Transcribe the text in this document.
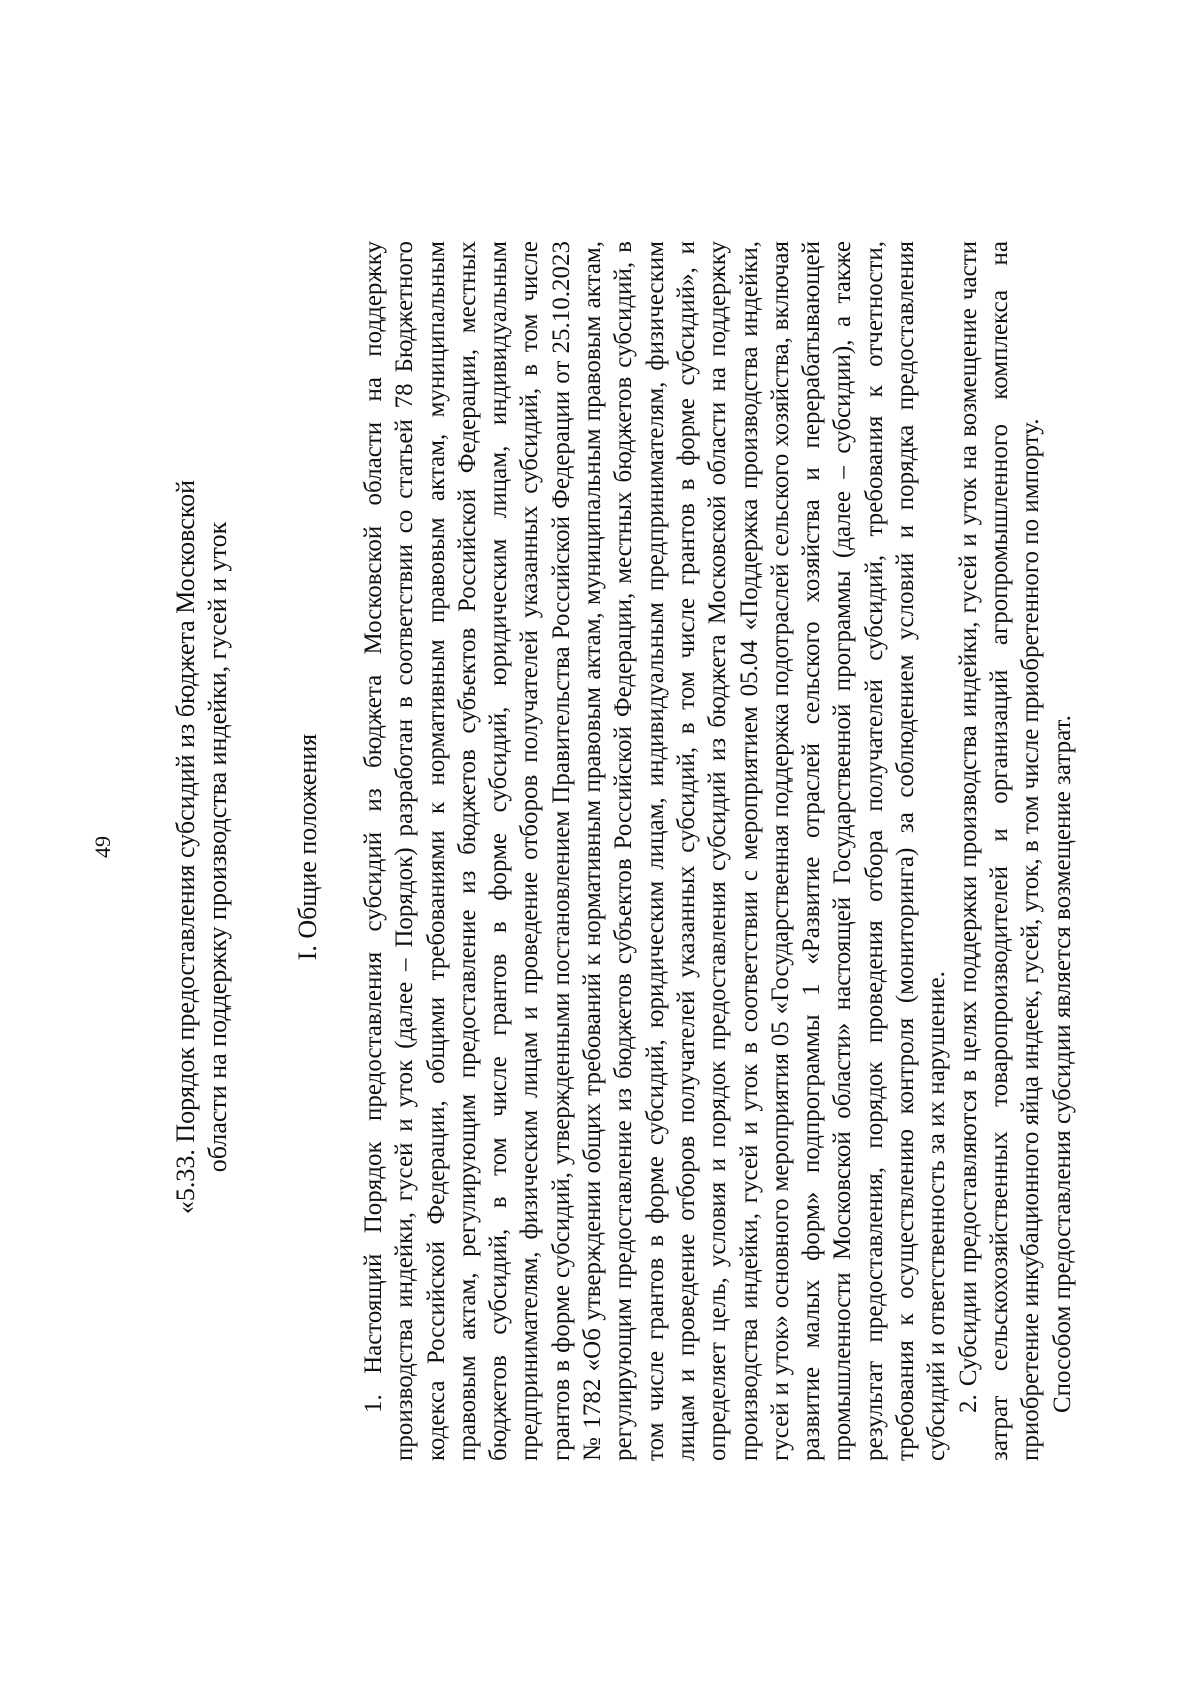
49 «5.33. Порядок предоставления субсидий из бюджета Московской области на поддержку производства индейки, гусей и уток I. Общие положения 1. Настоящий Порядок предоставления субсидий из бюджета Московской области на поддержку производства индейки, гусей и уток (далее – Порядок) разработан в соответствии со статьей 78 Бюджетного кодекса Российской Федерации, общими требованиями к нормативным правовым актам, муниципальным правовым актам, регулирующим предоставление из бюджетов субъектов Российской Федерации, местных бюджетов субсидий, в том числе грантов в форме субсидий, юридическим лицам, индивидуальным предпринимателям, физическим лицам и проведение отборов получателей указанных субсидий, в том числе грантов в форме субсидий, утвержденными постановлением Правительства Российской Федерации от 25.10.2023 № 1782 «Об утверждении общих требований к нормативным правовым актам, муниципальным правовым актам, регулирующим предоставление из бюджетов субъектов Российской Федерации, местных бюджетов субсидий, в том числе грантов в форме субсидий, юридическим лицам, индивидуальным предпринимателям, физическим лицам и проведение отборов получателей указанных субсидий, в том числе грантов в форме субсидий», и определяет цель, условия и порядок предоставления субсидий из бюджета Московской области на поддержку производства индейки, гусей и уток в соответствии с мероприятием 05.04 «Поддержка производства индейки, гусей и уток» основного мероприятия 05 «Государственная поддержка подотраслей сельского хозяйства, включая развитие малых форм» подпрограммы 1 «Развитие отраслей сельского хозяйства и перерабатывающей промышленности Московской области» настоящей Государственной программы (далее – субсидии), а также результат предоставления, порядок проведения отбора получателей субсидий, требования к отчетности, требования к осуществлению контроля (мониторинга) за соблюдением условий и порядка предоставления субсидий и ответственность за их нарушение. 2. Субсидии предоставляются в целях поддержки производства индейки, гусей и уток на возмещение части затрат сельскохозяйственных товаропроизводителей и организаций агропромышленного комплекса на приобретение инкубационного яйца индеек, гусей, уток, в том числе приобретенного по импорту. Способом предоставления субсидии является возмещение затрат.
